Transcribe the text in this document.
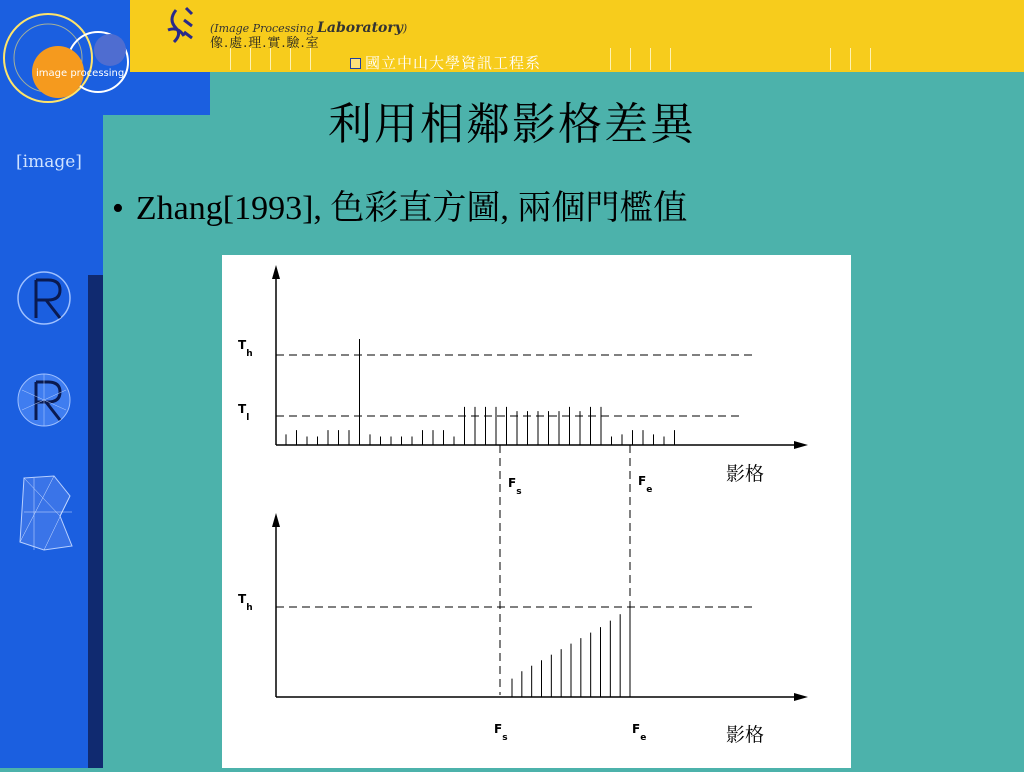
image processing
(Image Processing Laboratory)
像.處.理.實.驗.室
國立中山大學資訊工程系
[image]
利用相鄰影格差異
• Zhang[1993], 色彩直方圖, 兩個門檻值
$T_h$
$T_l$
$F_s$
$F_e$
影格
$T_h$
$F_s$
$F_e$	影格
